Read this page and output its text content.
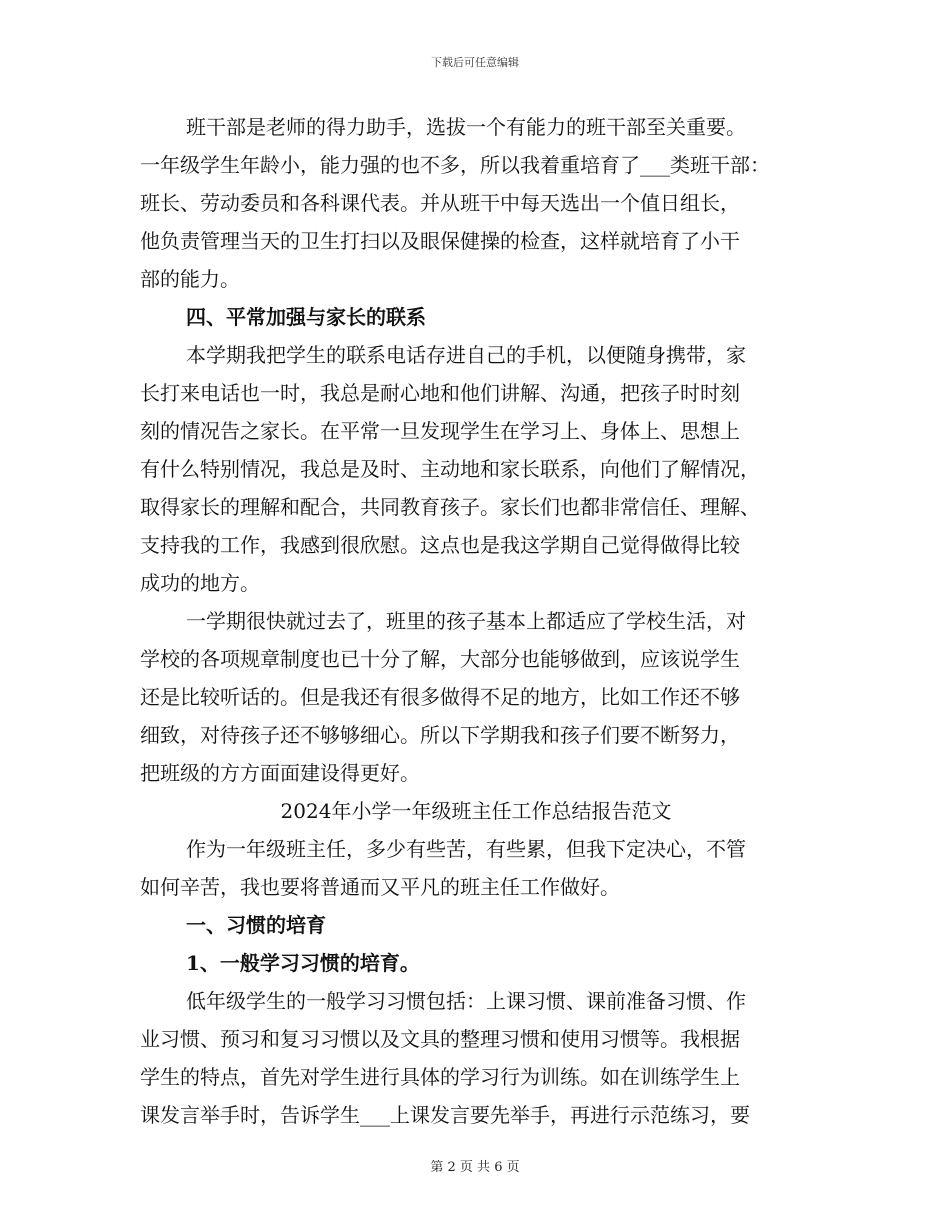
下载后可任意编辑
班干部是老师的得力助手，选拔一个有能力的班干部至关重要。
一年级学生年龄小，能力强的也不多，所以我着重培育了___类班干部：
班长、劳动委员和各科课代表。并从班干中每天选出一个值日组长，
他负责管理当天的卫生打扫以及眼保健操的检查，这样就培育了小干
部的能力。
四、平常加强与家长的联系
本学期我把学生的联系电话存进自己的手机，以便随身携带，家
长打来电话也一时，我总是耐心地和他们讲解、沟通，把孩子时时刻
刻的情况告之家长。在平常一旦发现学生在学习上、身体上、思想上
有什么特别情况，我总是及时、主动地和家长联系，向他们了解情况，
取得家长的理解和配合，共同教育孩子。家长们也都非常信任、理解、
支持我的工作，我感到很欣慰。这点也是我这学期自己觉得做得比较
成功的地方。
一学期很快就过去了，班里的孩子基本上都适应了学校生活，对
学校的各项规章制度也已十分了解，大部分也能够做到，应该说学生
还是比较听话的。但是我还有很多做得不足的地方，比如工作还不够
细致，对待孩子还不够够细心。所以下学期我和孩子们要不断努力，
把班级的方方面面建设得更好。
2024年小学一年级班主任工作总结报告范文
作为一年级班主任，多少有些苦，有些累，但我下定决心，不管
如何辛苦，我也要将普通而又平凡的班主任工作做好。
一、习惯的培育
1、一般学习习惯的培育。
低年级学生的一般学习习惯包括：上课习惯、课前准备习惯、作
业习惯、预习和复习习惯以及文具的整理习惯和使用习惯等。我根据
学生的特点，首先对学生进行具体的学习行为训练。如在训练学生上
课发言举手时，告诉学生___上课发言要先举手，再进行示范练习，要
第 2 页 共 6 页
